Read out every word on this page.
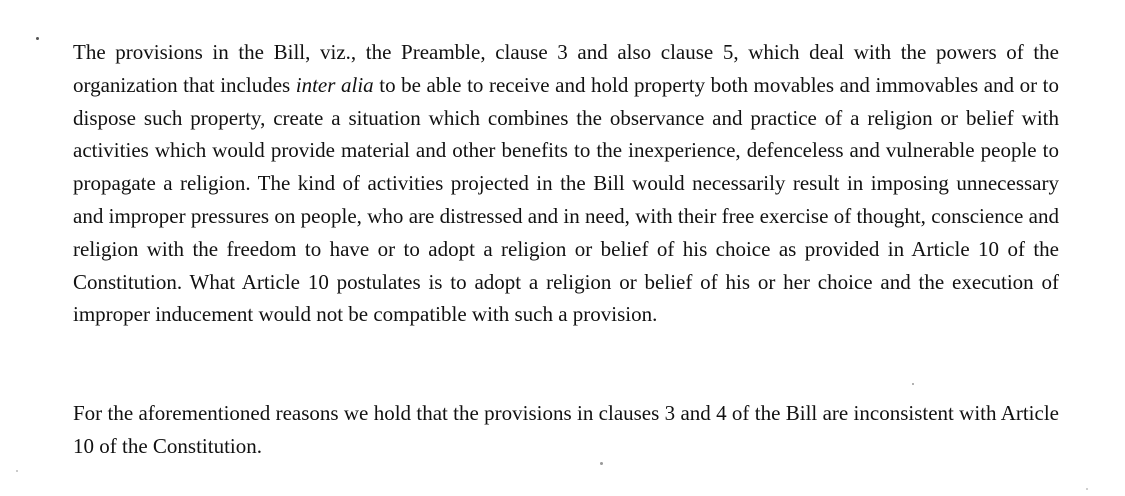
The provisions in the Bill, viz., the Preamble, clause 3 and also clause 5, which deal with the powers of the organization that includes inter alia to be able to receive and hold property both movables and immovables and or to dispose such property, create a situation which combines the observance and practice of a religion or belief with activities which would provide material and other benefits to the inexperience, defenceless and vulnerable people to propagate a religion. The kind of activities projected in the Bill would necessarily result in imposing unnecessary and improper pressures on people, who are distressed and in need, with their free exercise of thought, conscience and religion with the freedom to have or to adopt a religion or belief of his choice as provided in Article 10 of the Constitution. What Article 10 postulates is to adopt a religion or belief of his or her choice and the execution of improper inducement would not be compatible with such a provision.

For the aforementioned reasons we hold that the provisions in clauses 3 and 4 of the Bill are inconsistent with Article 10 of the Constitution.
